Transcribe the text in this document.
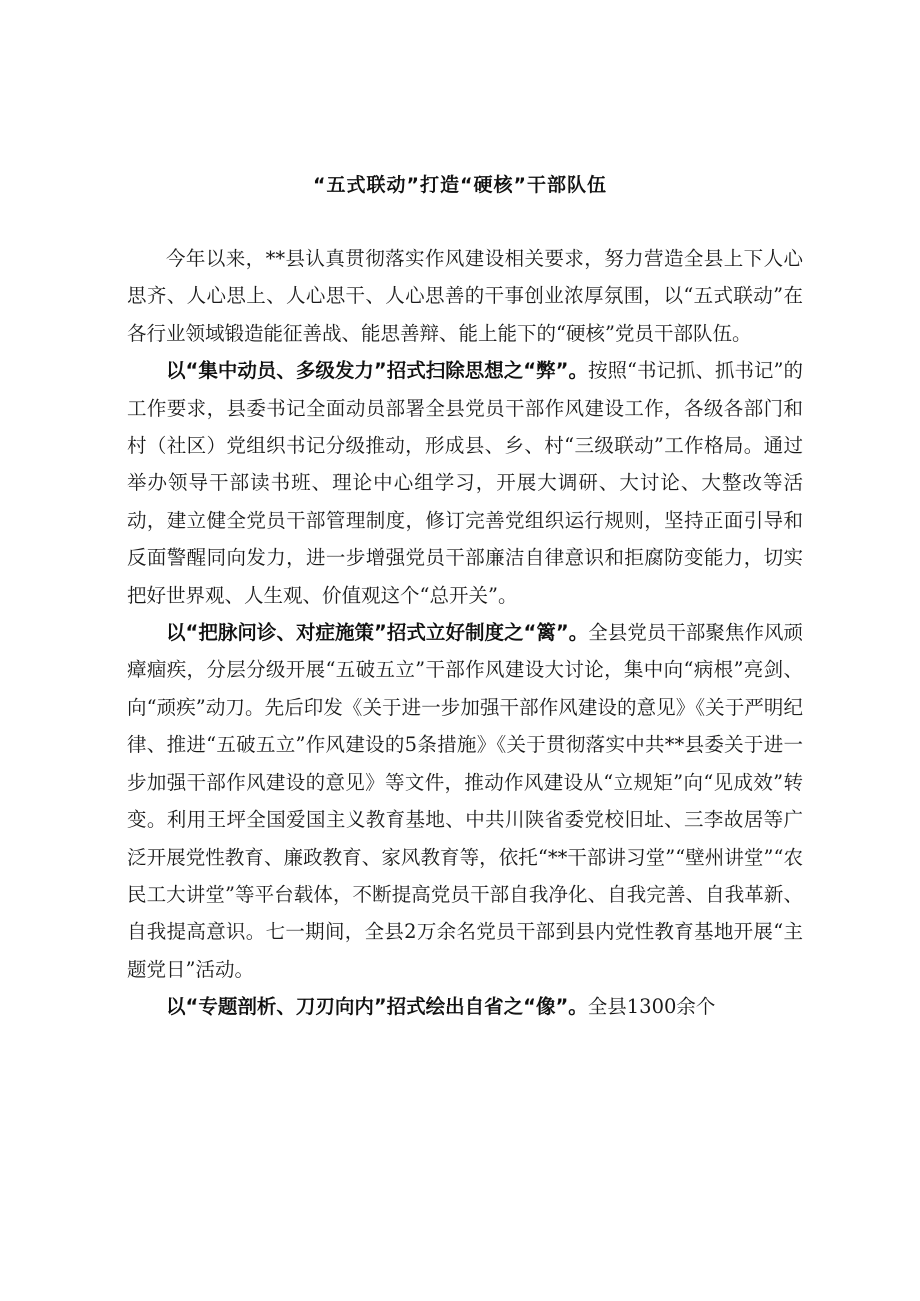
“五式联动”打造“硬核”干部队伍

今年以来，**县认真贯彻落实作风建设相关要求，努力营造全县上下人心思齐、人心思上、人心思干、人心思善的干事创业浓厚氛围，以“五式联动”在各行业领域锻造能征善战、能思善辩、能上能下的“硬核”党员干部队伍。

以“集中动员、多级发力”招式扫除思想之“弊”。按照“书记抓、抓书记”的工作要求，县委书记全面动员部署全县党员干部作风建设工作，各级各部门和村（社区）党组织书记分级推动，形成县、乡、村“三级联动”工作格局。通过举办领导干部读书班、理论中心组学习，开展大调研、大讨论、大整改等活动，建立健全党员干部管理制度，修订完善党组织运行规则，坚持正面引导和反面警醒同向发力，进一步增强党员干部廉洁自律意识和拒腐防变能力，切实把好世界观、人生观、价值观这个“总开关”。

以“把脉问诊、对症施策”招式立好制度之“篱”。全县党员干部聚焦作风顽瘴痼疾，分层分级开展“五破五立”干部作风建设大讨论，集中向“病根”亮剑、向“顽疾”动刀。先后印发《关于进一步加强干部作风建设的意见》《关于严明纪律、推进“五破五立”作风建设的5条措施》《关于贯彻落实中共**县委关于进一步加强干部作风建设的意见》等文件，推动作风建设从“立规矩”向“见成效”转变。利用王坪全国爱国主义教育基地、中共川陕省委党校旧址、三李故居等广泛开展党性教育、廉政教育、家风教育等，依托“**干部讲习堂”“壁州讲堂”“农民工大讲堂”等平台载体，不断提高党员干部自我净化、自我完善、自我革新、自我提高意识。七一期间，全县2万余名党员干部到县内党性教育基地开展“主题党日”活动。

以“专题剖析、刀刃向内”招式绘出自省之“像”。全县1300余个
